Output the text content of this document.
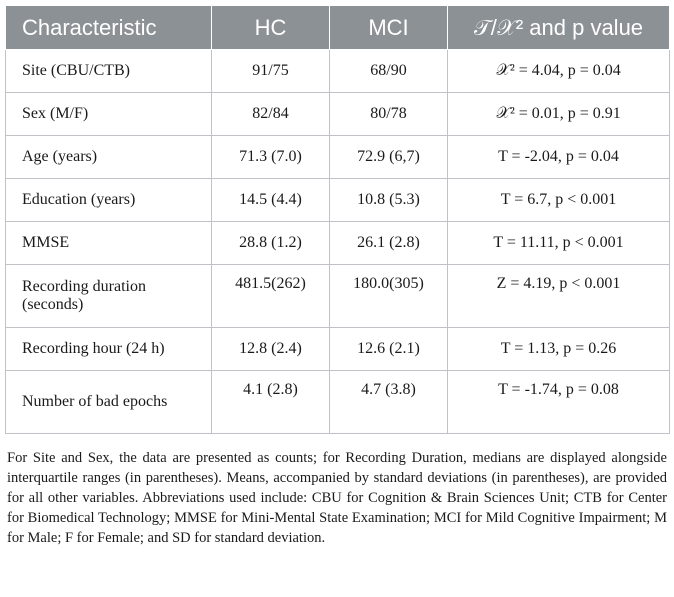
Characteristic	HC	MCI	𝒯/𝒳² and p value
Site (CBU/CTB)	91/75	68/90	𝒳² = 4.04, p = 0.04
Sex (M/F)	82/84	80/78	𝒳² = 0.01, p = 0.91
Age (years)	71.3 (7.0)	72.9 (6,7)	T = -2.04, p = 0.04
Education (years)	14.5 (4.4)	10.8 (5.3)	T = 6.7, p < 0.001
MMSE	28.8 (1.2)	26.1 (2.8)	T = 11.11, p < 0.001
Recording duration (seconds)	481.5(262)	180.0(305)	Z = 4.19, p < 0.001
Recording hour (24 h)	12.8 (2.4)	12.6 (2.1)	T = 1.13, p = 0.26
Number of bad epochs	4.1 (2.8)	4.7 (3.8)	T = -1.74, p = 0.08

For Site and Sex, the data are presented as counts; for Recording Duration, medians are displayed alongside interquartile ranges (in parentheses). Means, accompanied by standard deviations (in parentheses), are provided for all other variables. Abbreviations used include: CBU for Cognition & Brain Sciences Unit; CTB for Center for Biomedical Technology; MMSE for Mini-Mental State Examination; MCI for Mild Cognitive Impairment; M for Male; F for Female; and SD for standard deviation.
